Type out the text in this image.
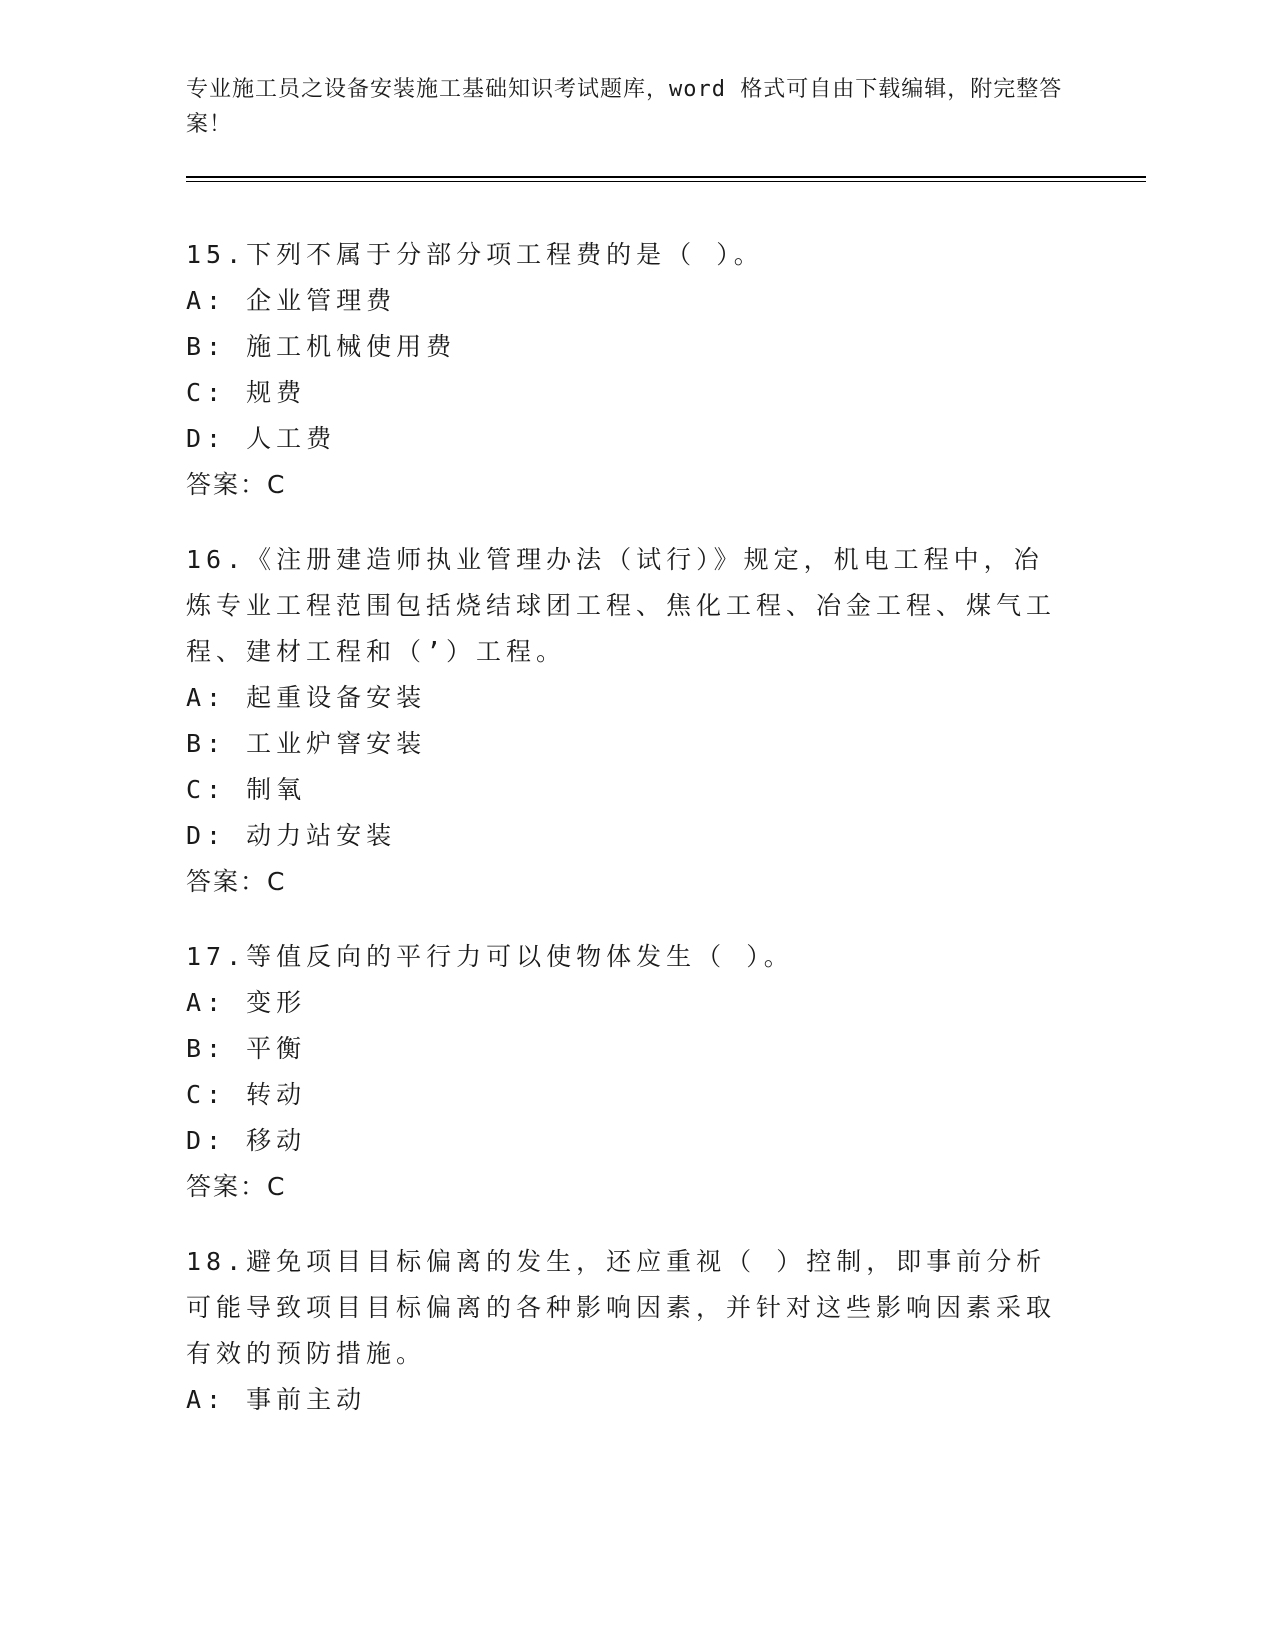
专业施工员之设备安装施工基础知识考试题库，word 格式可自由下载编辑，附完整答案！
15.下列不属于分部分项工程费的是（ ）。
A: 企业管理费
B: 施工机械使用费
C: 规费
D: 人工费
答案：C
16.《注册建造师执业管理办法（试行）》规定，机电工程中，冶炼专业工程范围包括烧结球团工程、焦化工程、冶金工程、煤气工程、建材工程和（’）工程。
A: 起重设备安装
B: 工业炉窨安装
C: 制氧
D: 动力站安装
答案：C
17.等值反向的平行力可以使物体发生（ ）。
A: 变形
B: 平衡
C: 转动
D: 移动
答案：C
18.避免项目目标偏离的发生，还应重视（ ）控制，即事前分析可能导致项目目标偏离的各种影响因素，并针对这些影响因素采取有效的预防措施。
A: 事前主动
